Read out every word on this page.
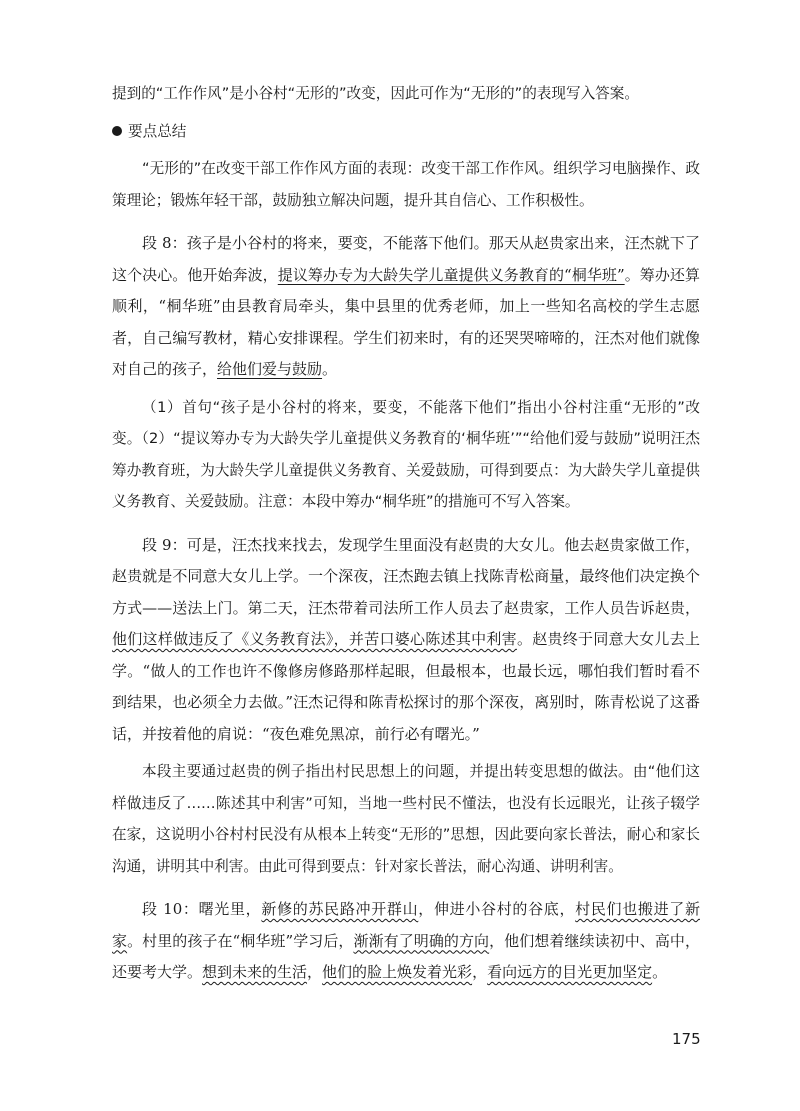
提到的“工作作风”是小谷村“无形的”改变，因此可作为“无形的”的表现写入答案。

要点总结

“无形的”在改变干部工作作风方面的表现：改变干部工作作风。组织学习电脑操作、政策理论；锻炼年轻干部，鼓励独立解决问题，提升其自信心、工作积极性。

段 8：孩子是小谷村的将来，要变，不能落下他们。那天从赵贵家出来，汪杰就下了这个决心。他开始奔波，提议筹办专为大龄失学儿童提供义务教育的“桐华班”。筹办还算顺利，“桐华班”由县教育局牵头，集中县里的优秀老师，加上一些知名高校的学生志愿者，自己编写教材，精心安排课程。学生们初来时，有的还哭哭啼啼的，汪杰对他们就像对自己的孩子，给他们爱与鼓励。

（1）首句“孩子是小谷村的将来，要变，不能落下他们”指出小谷村注重“无形的”改变。（2）“提议筹办专为大龄失学儿童提供义务教育的‘桐华班’”“给他们爱与鼓励”说明汪杰筹办教育班，为大龄失学儿童提供义务教育、关爱鼓励，可得到要点：为大龄失学儿童提供义务教育、关爱鼓励。注意：本段中筹办“桐华班”的措施可不写入答案。

段 9：可是，汪杰找来找去，发现学生里面没有赵贵的大女儿。他去赵贵家做工作，赵贵就是不同意大女儿上学。一个深夜，汪杰跑去镇上找陈青松商量，最终他们决定换个方式——送法上门。第二天，汪杰带着司法所工作人员去了赵贵家，工作人员告诉赵贵，他们这样做违反了《义务教育法》，并苦口婆心陈述其中利害。赵贵终于同意大女儿去上学。“做人的工作也许不像修房修路那样起眼，但最根本，也最长远，哪怕我们暂时看不到结果，也必须全力去做。”汪杰记得和陈青松探讨的那个深夜，离别时，陈青松说了这番话，并按着他的肩说：“夜色难免黑凉，前行必有曙光。”

本段主要通过赵贵的例子指出村民思想上的问题，并提出转变思想的做法。由“他们这样做违反了……陈述其中利害”可知，当地一些村民不懂法，也没有长远眼光，让孩子辍学在家，这说明小谷村村民没有从根本上转变“无形的”思想，因此要向家长普法，耐心和家长沟通，讲明其中利害。由此可得到要点：针对家长普法，耐心沟通、讲明利害。

段 10：曙光里，新修的苏民路冲开群山，伸进小谷村的谷底，村民们也搬进了新家。村里的孩子在“桐华班”学习后，渐渐有了明确的方向，他们想着继续读初中、高中，还要考大学。想到未来的生活，他们的脸上焕发着光彩，看向远方的目光更加坚定。

175
